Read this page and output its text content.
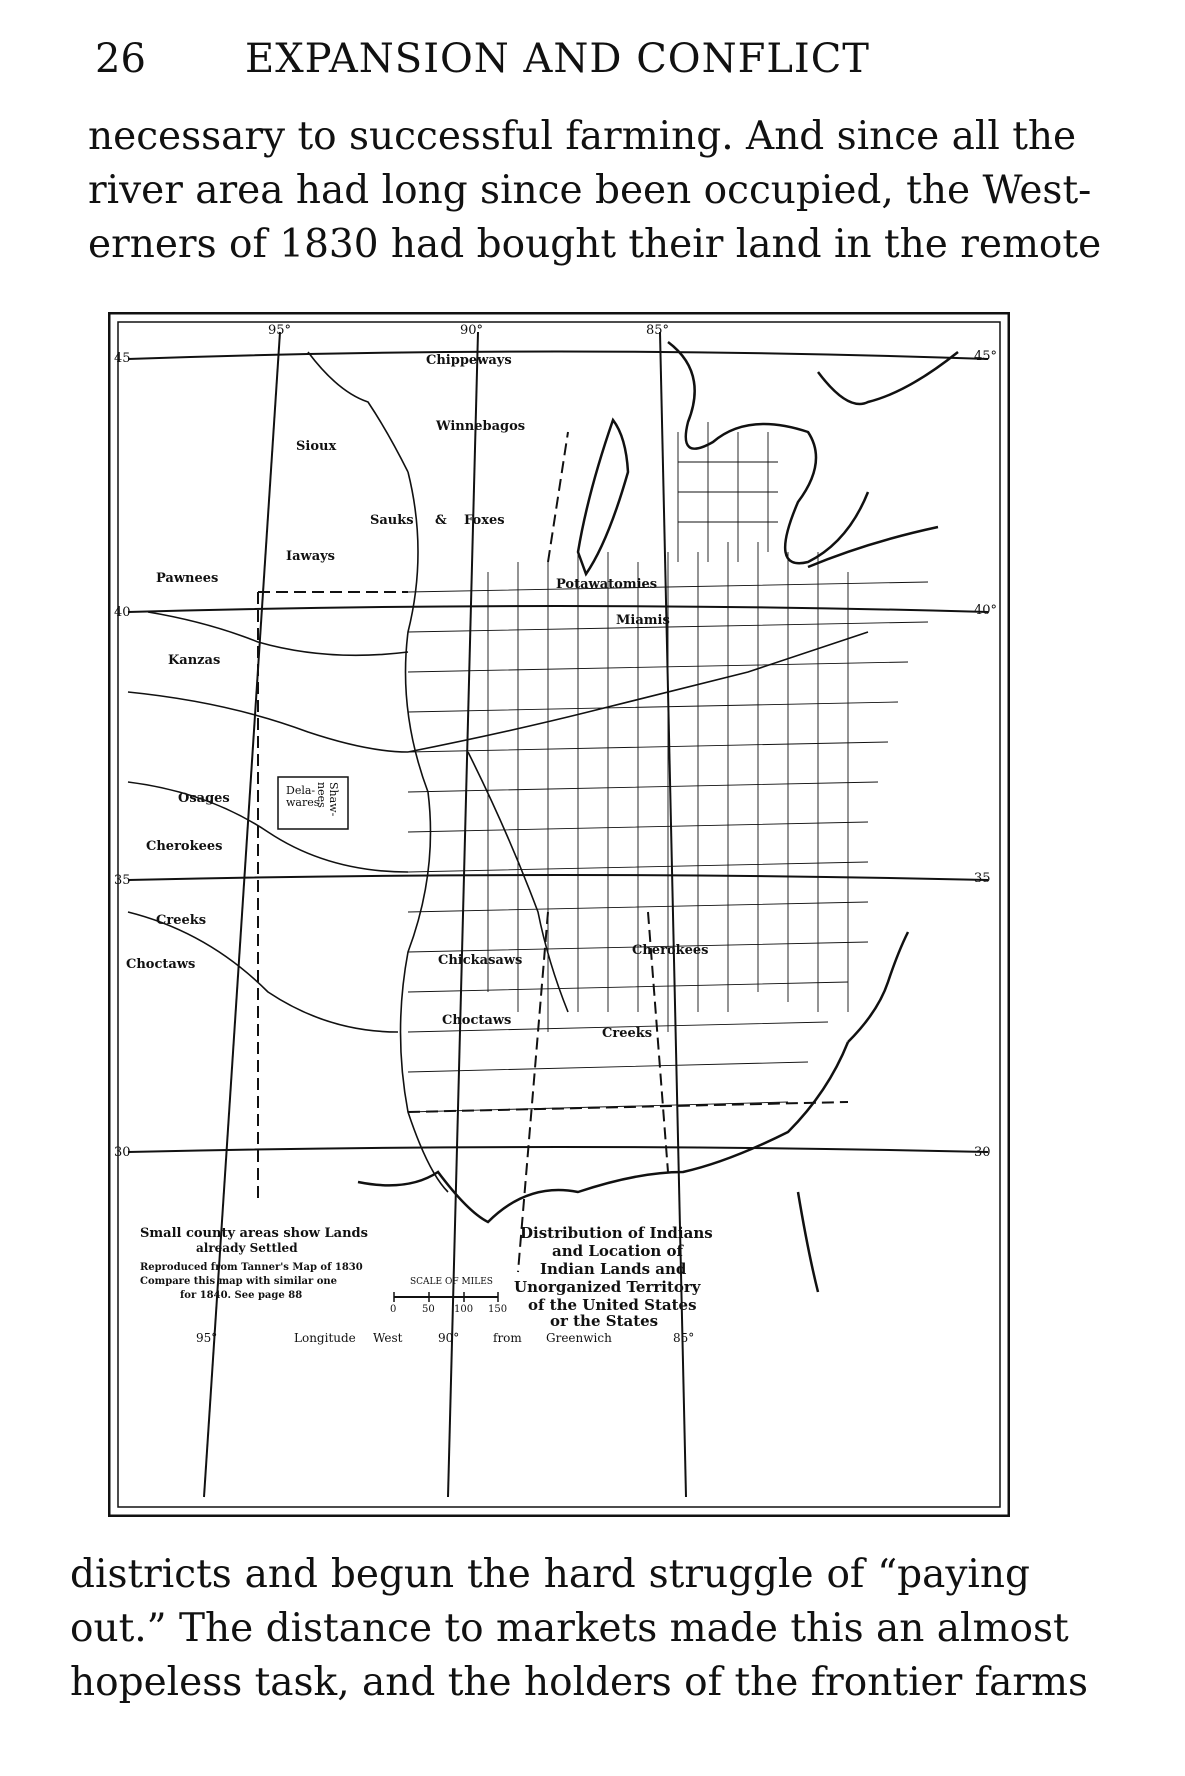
26 EXPANSION AND CONFLICT
necessary to successful farming. And since all the
river area had long since been occupied, the West-
erners of 1830 had bought their land in the remote
95°	90°	85°
45
40
35
30
45°
40°
35
30
95°	Longitude West	90°	from Greenwich	85°
Chippeways
Winnebagos
Sioux
Sauks & Foxes
Iaways
Pawnees	Potawatomies
Miamis
Kanzas
Osages
Cherokees
Creeks
Choctaws	Chickasaws
Choctaws
Cherokees
Creeks
Dela-wares Shaw-nees
Small county areas show Lands
already Settled
Reproduced from Tanner's Map of 1830
Compare this map with similar one
for 1840. See page 88
SCALE OF MILES
0	50 100 150
Distribution of Indians
and Location of
Indian Lands and
Unorganized Territory
of the United States
or the States
districts and begun the hard struggle of “paying
out.” The distance to markets made this an almost
hopeless task, and the holders of the frontier farms
